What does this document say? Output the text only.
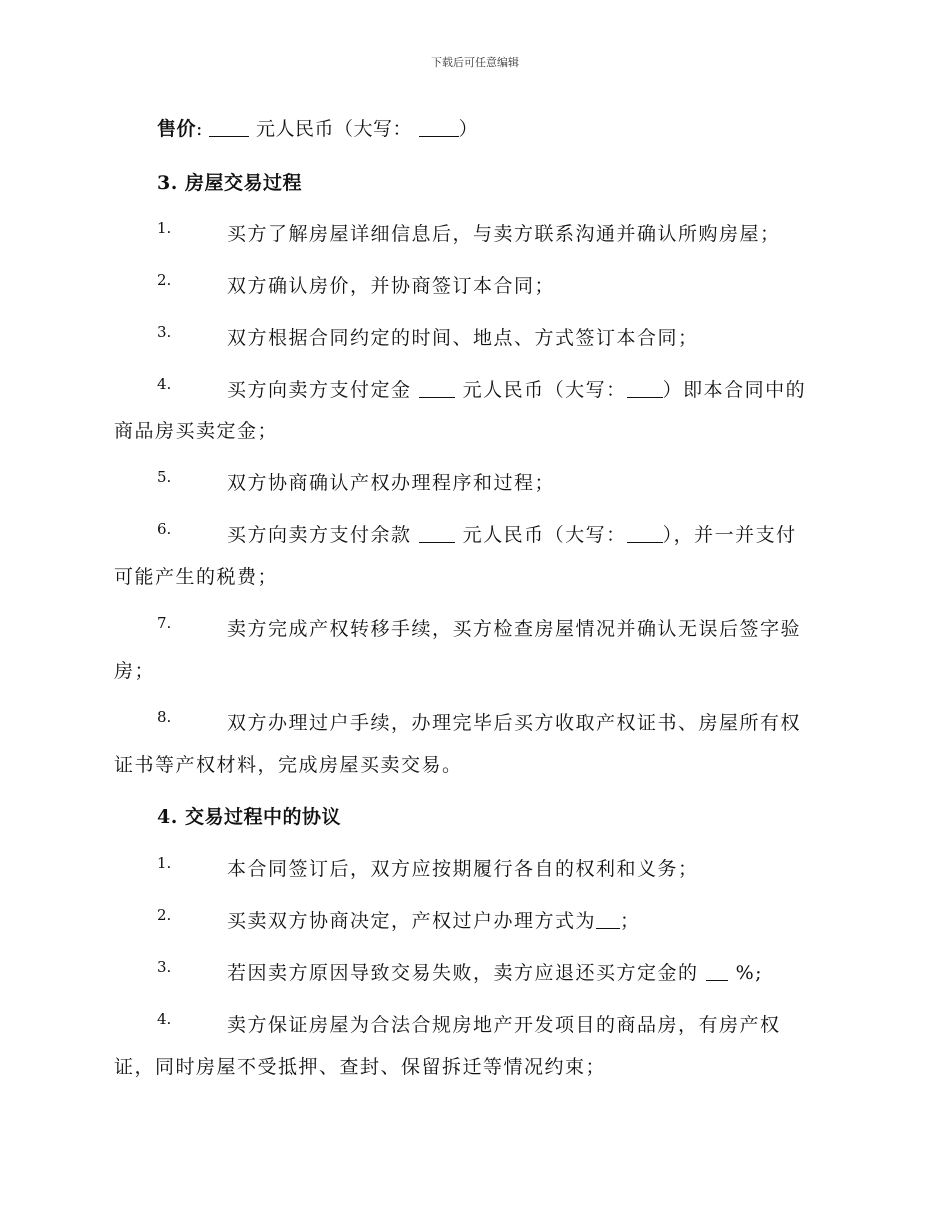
下载后可任意编辑
售价:	元人民币（大写： ）
3. 房屋交易过程
1.	买方了解房屋详细信息后，与卖方联系沟通并确认所购房屋；
2.	双方确认房价，并协商签订本合同；
3.	双方根据合同约定的时间、地点、方式签订本合同；
4.	买方向卖方支付定金	元人民币（大写： ）即本合同中的
商品房买卖定金；
5.	双方协商确认产权办理程序和过程；
6.	买方向卖方支付余款	元人民币（大写： ），并一并支付
可能产生的税费；
7.	卖方完成产权转移手续，买方检查房屋情况并确认无误后签字验
房；
8.	双方办理过户手续，办理完毕后买方收取产权证书、房屋所有权
证书等产权材料，完成房屋买卖交易。
4. 交易过程中的协议
1.	本合同签订后，双方应按期履行各自的权利和义务；
2.	买卖双方协商决定，产权过户办理方式为 ；
3.	若因卖方原因导致交易失败，卖方应退还买方定金的 %;
4.	卖方保证房屋为合法合规房地产开发项目的商品房，有房产权
证，同时房屋不受抵押、查封、保留拆迁等情况约束；
